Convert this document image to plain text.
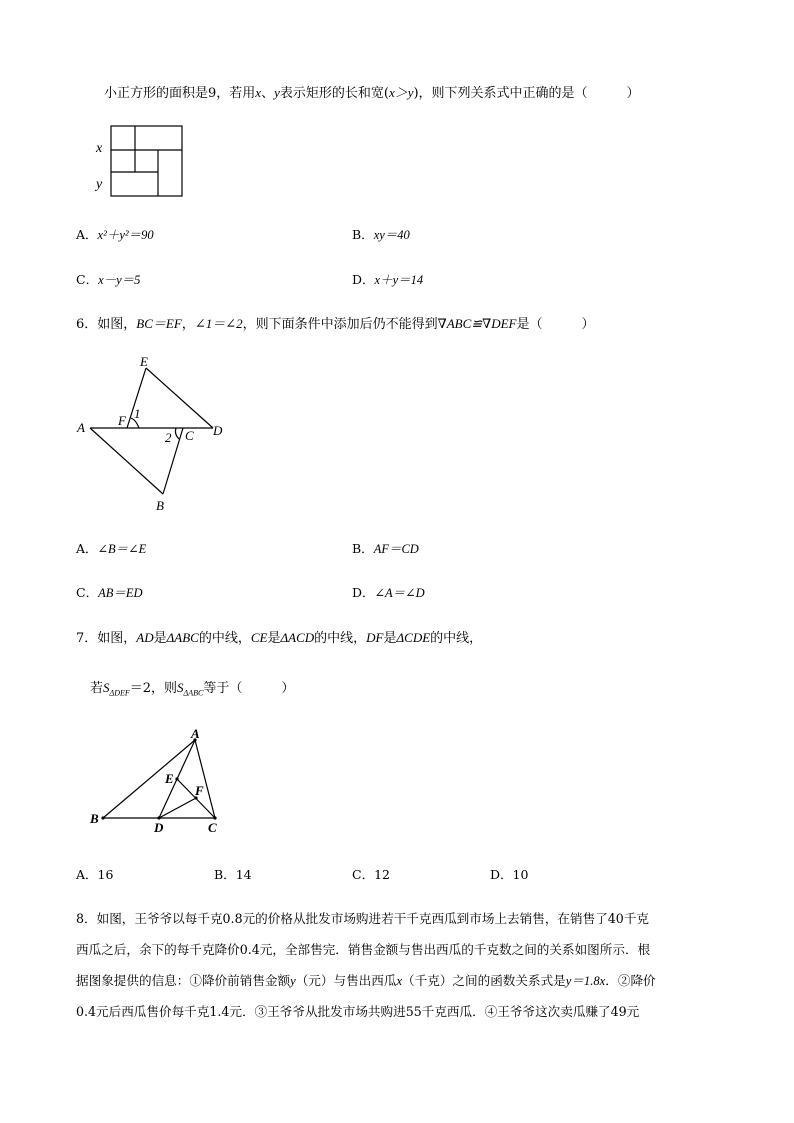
小正方形的面积是9，若用x、y表示矩形的长和宽(x＞y)，则下列关系式中正确的是（　　　）
x
y
A．x²＋y²＝90	B．xy＝40
C．x－y＝5	D．x＋y＝14
6．如图，BC＝EF，∠1＝∠2，则下面条件中添加后仍不能得到∇ABC≌∇DEF是（　　　）
E
F 1
A	D
2 C
B
A．∠B＝∠E	B．AF＝CD
C．AB＝ED	D．∠A＝∠D
7．如图，AD是ΔABC的中线，CE是ΔACD的中线，DF是ΔCDE的中线，
若$S_{\Delta DEF}=2$，则$S_{\Delta ABC}$等于（　　　）
A
E
F
B
D	C
A．16	B．14	C．12	D．10
8．如图，王爷爷以每千克0.8元的价格从批发市场购进若干千克西瓜到市场上去销售，在销售了40千克
西瓜之后，余下的每千克降价0.4元，全部售完．销售金额与售出西瓜的千克数之间的关系如图所示．根
据图象提供的信息：①降价前销售金额y（元）与售出西瓜x（千克）之间的函数关系式是y＝1.8x．②降价
0.4元后西瓜售价每千克1.4元．③王爷爷从批发市场共购进55千克西瓜．④王爷爷这次卖瓜赚了49元
